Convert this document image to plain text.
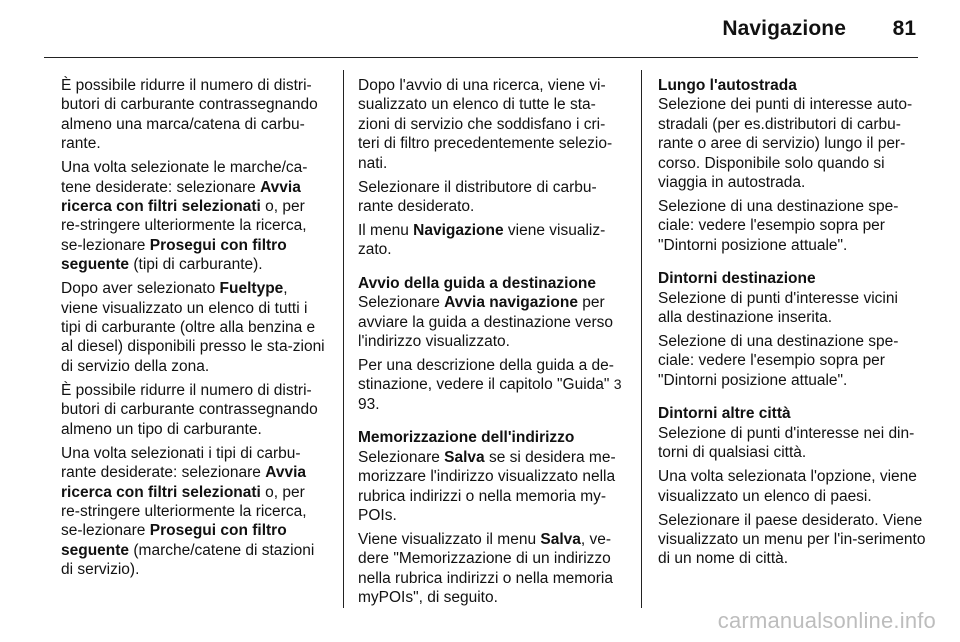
Navigazione 81

È possibile ridurre il numero di distri-butori di carburante contrassegnando almeno una marca/catena di carbu-rante.

Una volta selezionate le marche/ca-tene desiderate: selezionare Avvia ricerca con filtri selezionati o, per re-stringere ulteriormente la ricerca, se-lezionare Prosegui con filtro seguente (tipi di carburante).

Dopo aver selezionato Fueltype, viene visualizzato un elenco di tutti i tipi di carburante (oltre alla benzina e al diesel) disponibili presso le sta-zioni di servizio della zona.

È possibile ridurre il numero di distri-butori di carburante contrassegnando almeno un tipo di carburante.

Una volta selezionati i tipi di carbu-rante desiderate: selezionare Avvia ricerca con filtri selezionati o, per re-stringere ulteriormente la ricerca, se-lezionare Prosegui con filtro seguente (marche/catene di stazioni di servizio).

Dopo l'avvio di una ricerca, viene vi-sualizzato un elenco di tutte le sta-zioni di servizio che soddisfano i cri-teri di filtro precedentemente selezio-nati.

Selezionare il distributore di carbu-rante desiderato.

Il menu Navigazione viene visualiz-zato.

Avvio della guida a destinazione

Selezionare Avvia navigazione per avviare la guida a destinazione verso l'indirizzo visualizzato.

Per una descrizione della guida a de-stinazione, vedere il capitolo "Guida" 3 93.

Memorizzazione dell'indirizzo

Selezionare Salva se si desidera me-morizzare l'indirizzo visualizzato nella rubrica indirizzi o nella memoria my-POIs.

Viene visualizzato il menu Salva, ve-dere "Memorizzazione di un indirizzo nella rubrica indirizzi o nella memoria myPOIs", di seguito.

Lungo l'autostrada

Selezione dei punti di interesse auto-stradali (per es.distributori di carbu-rante o aree di servizio) lungo il per-corso. Disponibile solo quando si viaggia in autostrada.

Selezione di una destinazione spe-ciale: vedere l'esempio sopra per "Dintorni posizione attuale".

Dintorni destinazione

Selezione di punti d'interesse vicini alla destinazione inserita.

Selezione di una destinazione spe-ciale: vedere l'esempio sopra per "Dintorni posizione attuale".

Dintorni altre città

Selezione di punti d'interesse nei din-torni di qualsiasi città.

Una volta selezionata l'opzione, viene visualizzato un elenco di paesi.

Selezionare il paese desiderato. Viene visualizzato un menu per l'in-serimento di un nome di città.

carmanualsonline.info
